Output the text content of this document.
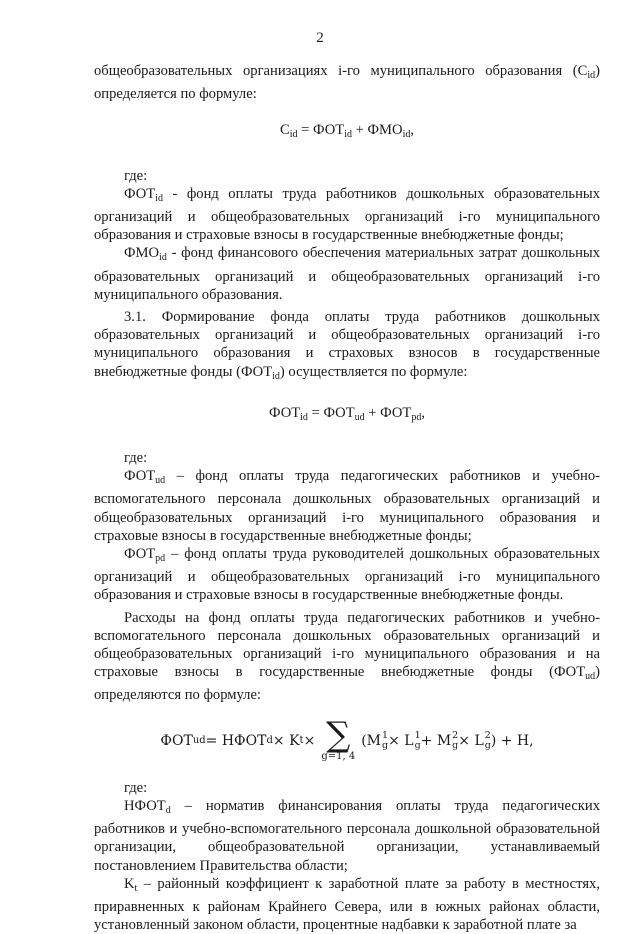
2

общеобразовательных организациях i-го муниципального образования $(C_{id})$ определяется по формуле:

$C_{id} = ФОТ_{id} + ФМО_{id}$,

где:

$ФОТ_{id}$ - фонд оплаты труда работников дошкольных образовательных организаций и общеобразовательных организаций i-го муниципального образования и страховые взносы в государственные внебюджетные фонды;

$ФМО_{id}$ - фонд финансового обеспечения материальных затрат дошкольных образовательных организаций и общеобразовательных организаций i-го муниципального образования.

3.1. Формирование фонда оплаты труда работников дошкольных образовательных организаций и общеобразовательных организаций i-го муниципального образования и страховых взносов в государственные внебюджетные фонды $(ФОТ_{id})$ осуществляется по формуле:

$ФОТ_{id} = ФОТ_{ud} + ФОТ_{pd}$,

где:

$ФОТ_{ud}$ – фонд оплаты труда педагогических работников и учебно-вспомогательного персонала дошкольных образовательных организаций и общеобразовательных организаций i-го муниципального образования и страховые взносы в государственные внебюджетные фонды;

$ФОТ_{pd}$ – фонд оплаты труда руководителей дошкольных образовательных организаций и общеобразовательных организаций i-го муниципального образования и страховые взносы в государственные внебюджетные фонды.

Расходы на фонд оплаты труда педагогических работников и учебно-вспомогательного персонала дошкольных образовательных организаций и общеобразовательных организаций i-го муниципального образования и на страховые взносы в государственные внебюджетные фонды $(ФОТ_{ud})$ определяются по формуле:

ФОТ ud = НФОТ d × K t × ∑
g=1, 4
(M 1
g × L 1
g + M 2
g × L 2
g ) + H,

где:

$НФОТ_d$ – норматив финансирования оплаты труда педагогических работников и учебно-вспомогательного персонала дошкольной образовательной организации, общеобразовательной организации, устанавливаемый постановлением Правительства области;

$K_t$ – районный коэффициент к заработной плате за работу в местностях, приравненных к районам Крайнего Севера, или в южных районах области, установленный законом области, процентные надбавки к заработной плате за
